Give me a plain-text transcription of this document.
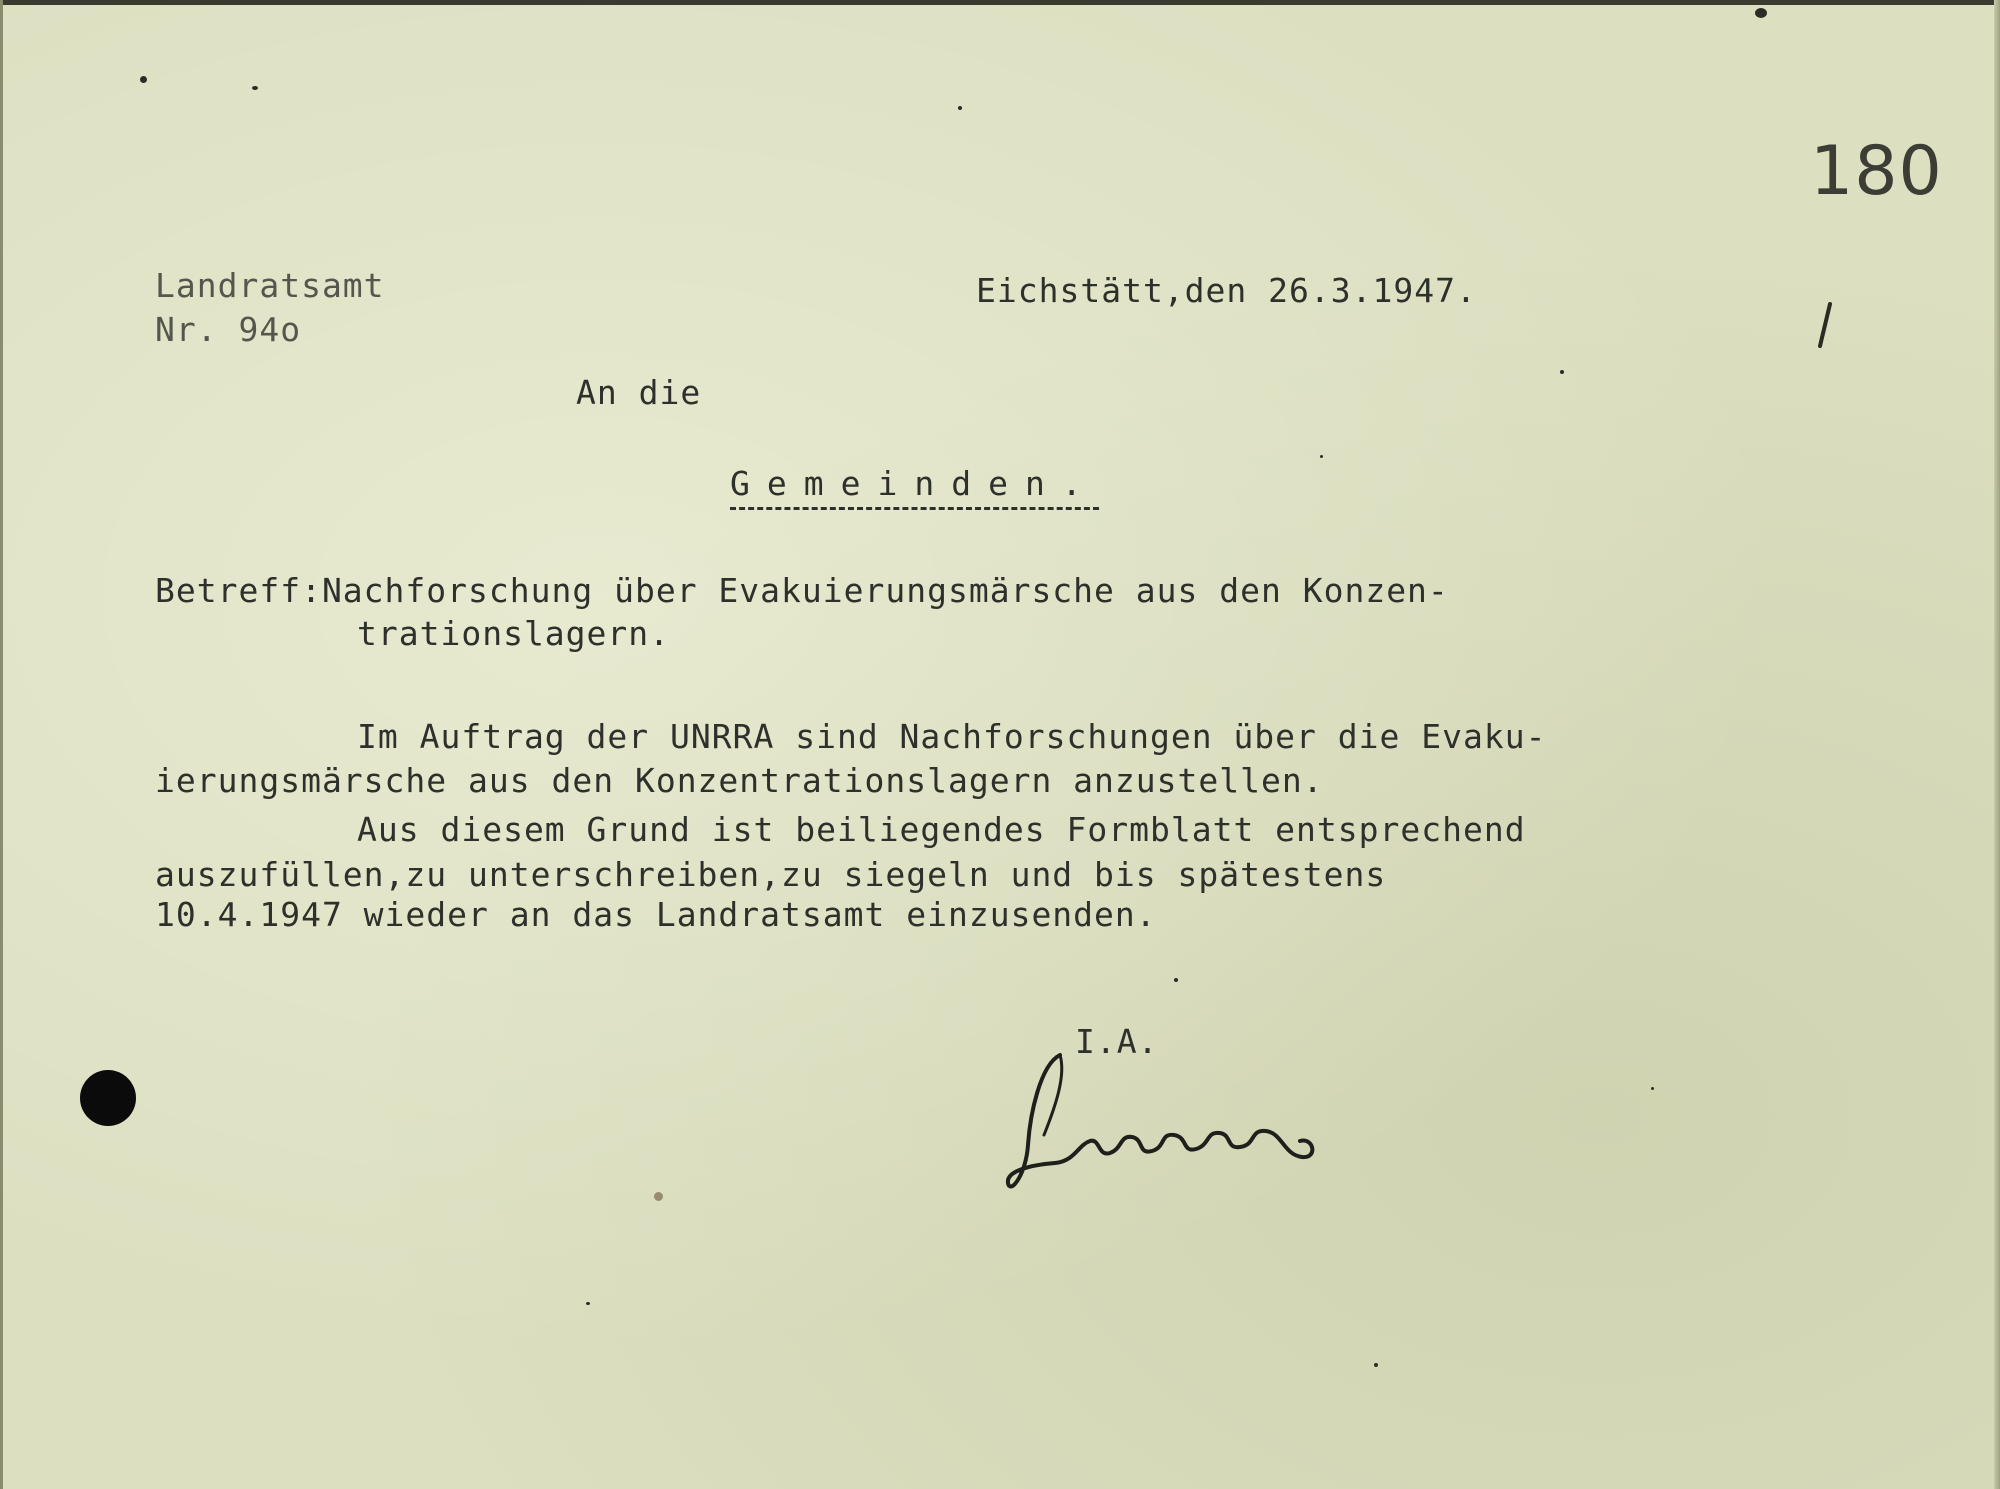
180
Landratsamt
Nr. 94o
Eichstätt,den 26.3.1947.
An die
Gemeinden.
Betreff:Nachforschung über Evakuierungsmärsche aus den Konzen-
trationslagern.
Im Auftrag der UNRRA sind Nachforschungen über die Evaku-
ierungsmärsche aus den Konzentrationslagern anzustellen.
Aus diesem Grund ist beiliegendes Formblatt entsprechend
auszufüllen,zu unterschreiben,zu siegeln und bis spätestens
10.4.1947 wieder an das Landratsamt einzusenden.
I.A.
